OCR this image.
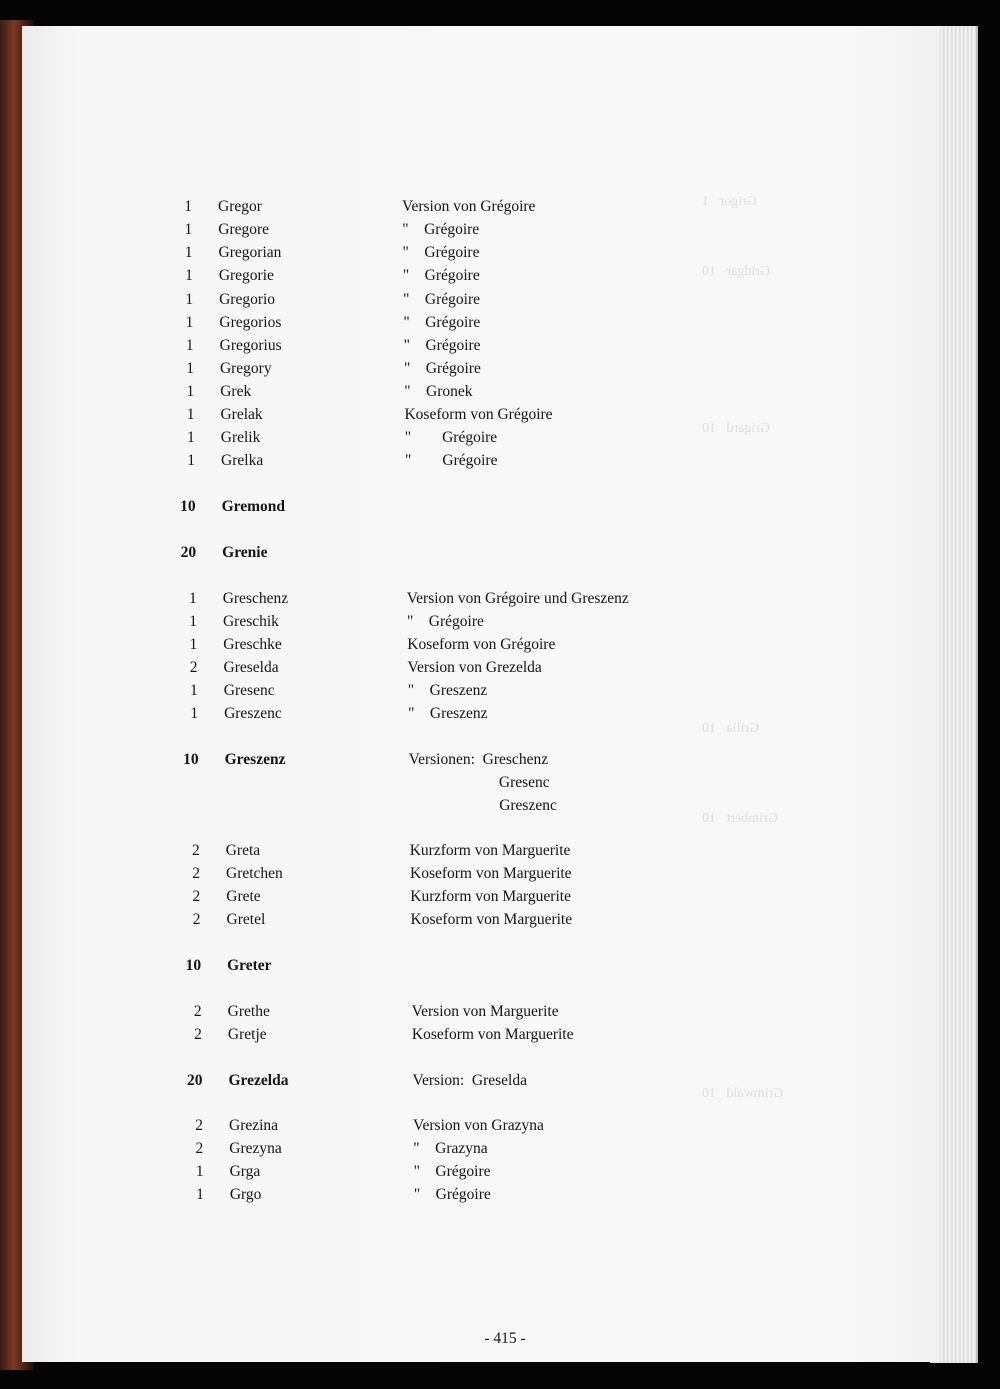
Grigor   1
Gridgar   10
Grigard   10
Grilla   10
Grimbert   10
Grimwald   10
1 Gregor	Version von Grégoire
1 Gregore	"    Grégoire
1 Gregorian	"    Grégoire
1 Gregorie	"    Grégoire
1 Gregorio	"    Grégoire
1 Gregorios	"    Grégoire
1 Gregorius	"    Grégoire
1 Gregory	"    Grégoire
1 Grek	"    Gronek
1 Grelak	Koseform von Grégoire
1 Grelik	"        Grégoire
1 Grelka	"        Grégoire
10 Gremond
20 Grenie
1 Greschenz	Version von Grégoire und Greszenz
1 Greschik	"    Grégoire
1 Greschke	Koseform von Grégoire
2 Greselda	Version von Grezelda
1 Gresenc	"    Greszenz
1 Greszenc	"    Greszenz
10 Greszenz	Versionen:  Greschenz
Gresenc
Greszenc
2 Greta	Kurzform von Marguerite
2 Gretchen	Koseform von Marguerite
2 Grete	Kurzform von Marguerite
2 Gretel	Koseform von Marguerite
10 Greter
2 Grethe	Version von Marguerite
2 Gretje	Koseform von Marguerite
20 Grezelda	Version:  Greselda
2 Grezina	Version von Grazyna
2 Grezyna	"    Grazyna
1 Grga	"    Grégoire
1 Grgo	"    Grégoire
- 415 -
